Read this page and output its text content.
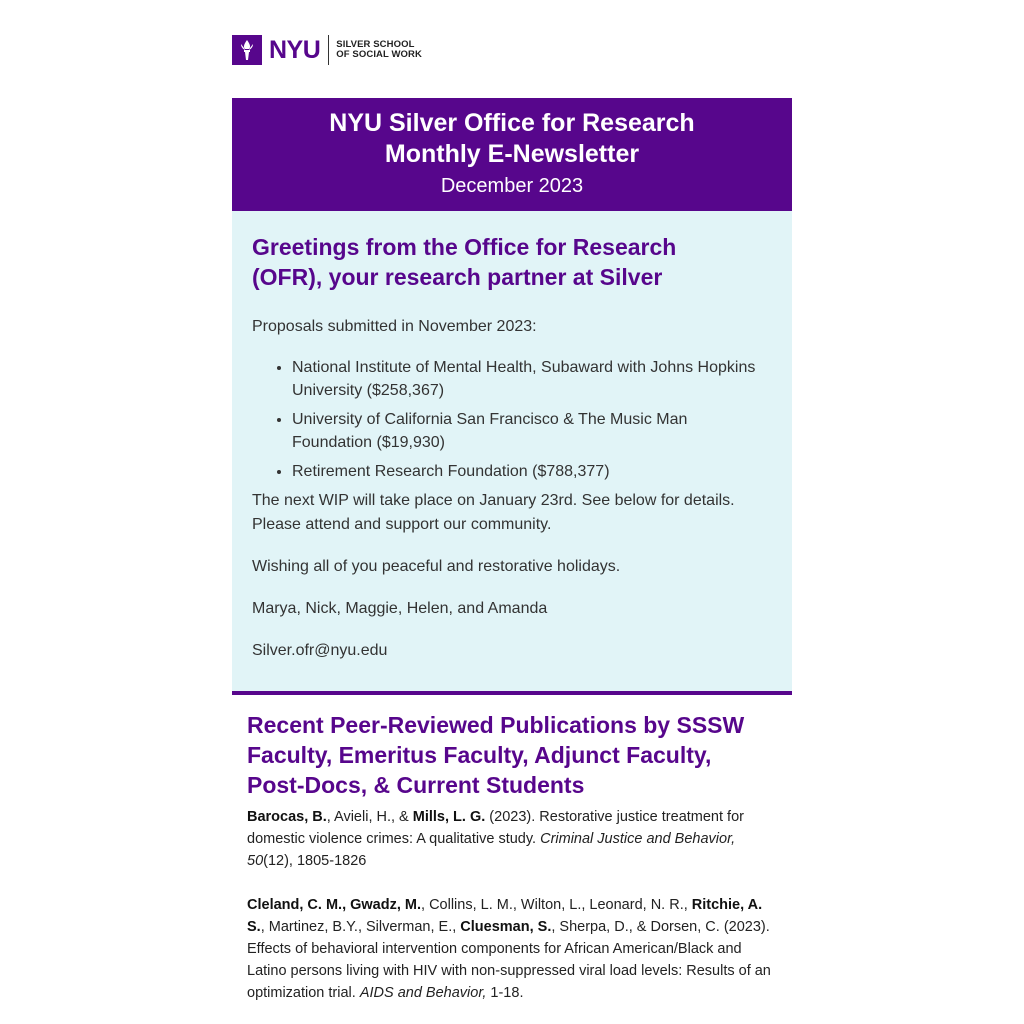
NYU SILVER SCHOOL
OF SOCIAL WORK
NYU Silver Office for Research
Monthly E-Newsletter
December 2023
Greetings from the Office for Research
(OFR), your research partner at Silver

Proposals submitted in November 2023:

• National Institute of Mental Health, Subaward with Johns Hopkins
University ($258,367)
• University of California San Francisco & The Music Man
Foundation ($19,930)
• Retirement Research Foundation ($788,377)

The next WIP will take place on January 23rd. See below for details.
Please attend and support our community.

Wishing all of you peaceful and restorative holidays.

Marya, Nick, Maggie, Helen, and Amanda

Silver.ofr@nyu.edu

Recent Peer-Reviewed Publications by SSSW
Faculty, Emeritus Faculty, Adjunct Faculty,
Post-Docs, & Current Students

Barocas, B., Avieli, H., & Mills, L. G. (2023). Restorative justice treatment for
domestic violence crimes: A qualitative study. Criminal Justice and Behavior,
50(12), 1805-1826

Cleland, C. M., Gwadz, M., Collins, L. M., Wilton, L., Leonard, N. R., Ritchie, A.
S., Martinez, B.Y., Silverman, E., Cluesman, S., Sherpa, D., & Dorsen, C. (2023).
Effects of behavioral intervention components for African American/Black and
Latino persons living with HIV with non-suppressed viral load levels: Results of an
optimization trial. AIDS and Behavior, 1-18.
